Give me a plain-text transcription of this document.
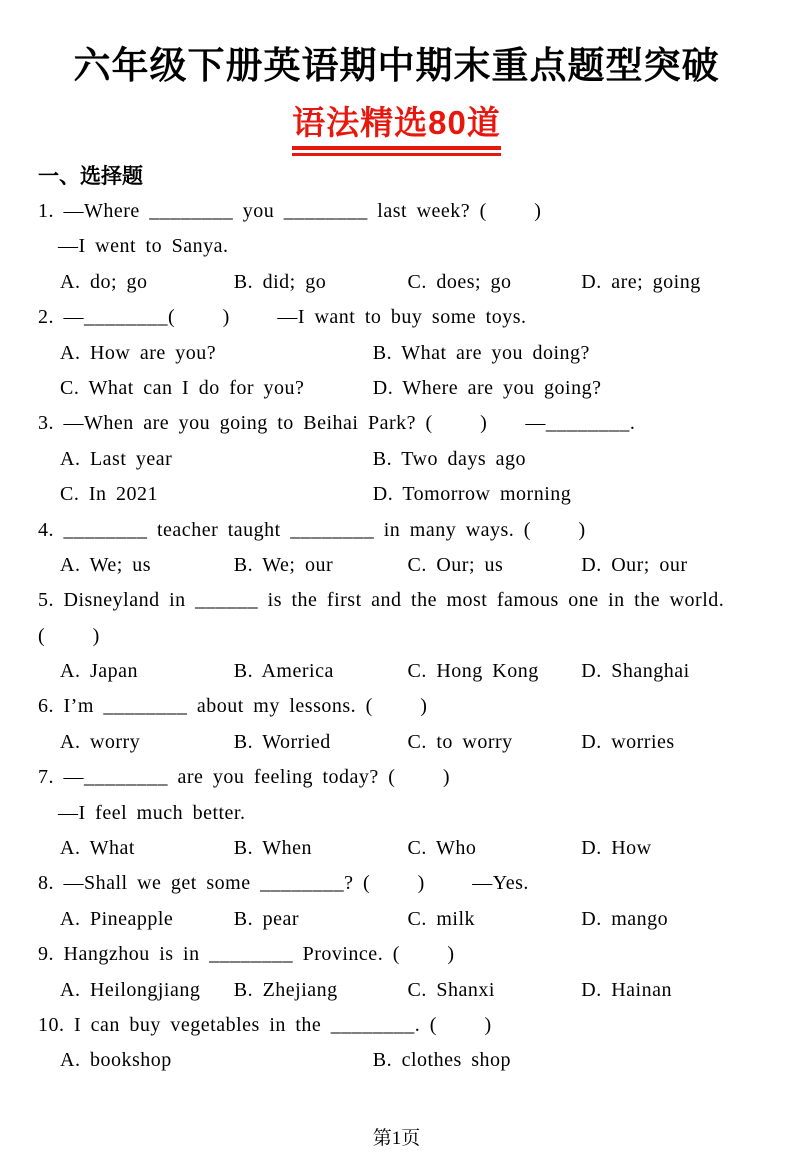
六年级下册英语期中期末重点题型突破
语法精选80道
一、选择题
1. —Where ________ you ________ last week? (     )
—I went to Sanya.
A. do; go	B. did; go	C. does; go	D. are; going
2. —________(     )     —I want to buy some toys.
A. How are you?	B. What are you doing?
C. What can I do for you?	D. Where are you going?
3. —When are you going to Beihai Park? (     )    —________.
A. Last year	B. Two days ago
C. In 2021	D. Tomorrow morning
4. ________ teacher taught ________ in many ways. (     )
A. We; us	B. We; our	C. Our; us	D. Our; our
5. Disneyland in ______ is the first and the most famous one in the world.
(     )
A. Japan	B. America	C. Hong Kong	D. Shanghai
6. I’m ________ about my lessons. (     )
A. worry	B. Worried	C. to worry	D. worries
7. —________ are you feeling today? (     )
—I feel much better.
A. What	B. When	C. Who	D. How
8. —Shall we get some ________? (     )     —Yes.
A. Pineapple	B. pear	C. milk	D. mango
9. Hangzhou is in ________ Province. (     )
A. Heilongjiang	B. Zhejiang	C. Shanxi	D. Hainan
10. I can buy vegetables in the ________. (     )
A. bookshop	B. clothes shop
第1页
